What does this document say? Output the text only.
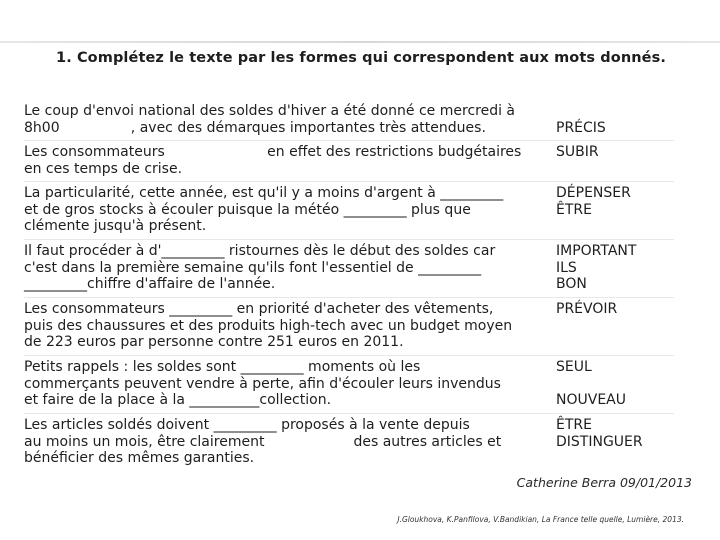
1. Complétez le texte par les formes qui correspondent aux mots donnés.
Le coup d'envoi national des soldes d'hiver a été donné ce mercredi à
8h00                , avec des démarques importantes très attendues.	PRÉCIS
Les consommateurs                       en effet des restrictions budgétaires
en ces temps de crise.
SUBIR
La particularité, cette année, est qu'il y a moins d'argent à _________
et de gros stocks à écouler puisque la météo _________ plus que
clémente jusqu'à présent.
DÉPENSER
ÊTRE
Il faut procéder à d'_________ ristournes dès le début des soldes car
c'est dans la première semaine qu'ils font l'essentiel de _________
_________chiffre d'affaire de l'année.
IMPORTANT
ILS
BON
Les consommateurs _________ en priorité d'acheter des vêtements,
puis des chaussures et des produits high-tech avec un budget moyen
de 223 euros par personne contre 251 euros en 2011.
PRÉVOIR
Petits rappels : les soldes sont _________ moments où les
commerçants peuvent vendre à perte, afin d'écouler leurs invendus
et faire de la place à la __________collection.
SEUL
NOUVEAU
Les articles soldés doivent _________ proposés à la vente depuis
au moins un mois, être clairement                    des autres articles et
bénéficier des mêmes garanties.
ÊTRE
DISTINGUER
Catherine Berra 09/01/2013
J.Gloukhova, K.Panfilova, V.Bandikian, La France telle quelle, Lumière, 2013.
